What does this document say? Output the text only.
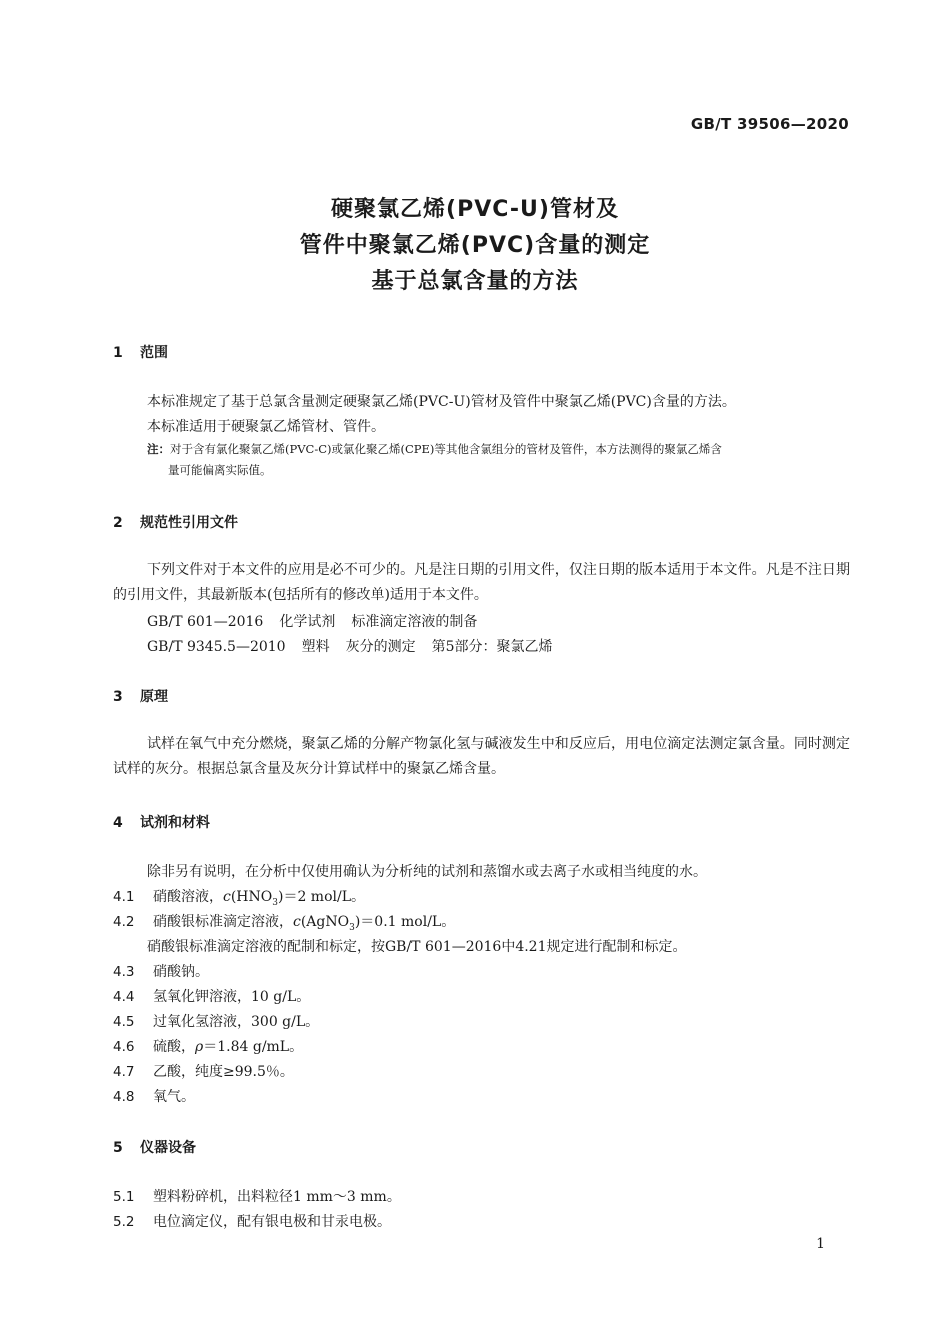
GB/T 39506—2020
硬聚氯乙烯(PVC-U)管材及
管件中聚氯乙烯(PVC)含量的测定
基于总氯含量的方法
1 范围
本标准规定了基于总氯含量测定硬聚氯乙烯(PVC-U)管材及管件中聚氯乙烯(PVC)含量的方法。
本标准适用于硬聚氯乙烯管材、管件。
注：对于含有氯化聚氯乙烯(PVC-C)或氯化聚乙烯(CPE)等其他含氯组分的管材及管件，本方法测得的聚氯乙烯含
量可能偏离实际值。
2 规范性引用文件
下列文件对于本文件的应用是必不可少的。凡是注日期的引用文件，仅注日期的版本适用于本文件。凡是不注日期的引用文件，其最新版本(包括所有的修改单)适用于本文件。
GB/T 601—2016 化学试剂 标准滴定溶液的制备
GB/T 9345.5—2010 塑料 灰分的测定 第5部分：聚氯乙烯
3 原理
试样在氧气中充分燃烧，聚氯乙烯的分解产物氯化氢与碱液发生中和反应后，用电位滴定法测定氯含量。同时测定试样的灰分。根据总氯含量及灰分计算试样中的聚氯乙烯含量。
4 试剂和材料
除非另有说明，在分析中仅使用确认为分析纯的试剂和蒸馏水或去离子水或相当纯度的水。
4.1 硝酸溶液，$c(HNO_3)=2$ mol/L。
4.2 硝酸银标准滴定溶液，c(AgNO$_3$)＝0.1 mol/L。
硝酸银标准滴定溶液的配制和标定，按GB/T 601—2016中4.21规定进行配制和标定。
4.3 硝酸钠。
4.4 氢氧化钾溶液，10 g/L。
4.5 过氧化氢溶液，300 g/L。
4.6 硫酸，ρ＝1.84 g/mL。
4.7 乙酸，纯度≥99.5％。
4.8 氧气。
5 仪器设备
5.1 塑料粉碎机，出料粒径1 mm～3 mm。
5.2 电位滴定仪，配有银电极和甘汞电极。
1
